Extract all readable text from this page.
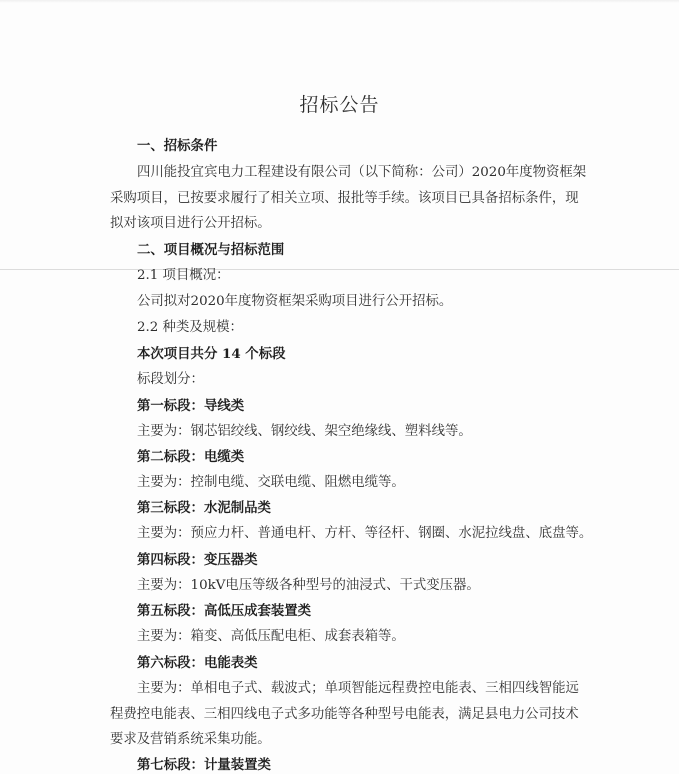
招标公告
一、招标条件
四川能投宜宾电力工程建设有限公司（以下简称：公司）2020年度物资框架
采购项目，已按要求履行了相关立项、报批等手续。该项目已具备招标条件，现
拟对该项目进行公开招标。
二、项目概况与招标范围
2.1 项目概况：
公司拟对2020年度物资框架采购项目进行公开招标。
2.2 种类及规模：
本次项目共分 14 个标段
标段划分：
第一标段：导线类
主要为：钢芯铝绞线、钢绞线、架空绝缘线、塑料线等。
第二标段：电缆类
主要为：控制电缆、交联电缆、阻燃电缆等。
第三标段：水泥制品类
主要为：预应力杆、普通电杆、方杆、等径杆、钢圈、水泥拉线盘、底盘等。
第四标段：变压器类
主要为：10kV电压等级各种型号的油浸式、干式变压器。
第五标段：高低压成套装置类
主要为：箱变、高低压配电柜、成套表箱等。
第六标段：电能表类
主要为：单相电子式、载波式；单项智能远程费控电能表、三相四线智能远
程费控电能表、三相四线电子式多功能等各种型号电能表，满足县电力公司技术
要求及营销系统采集功能。
第七标段：计量装置类
